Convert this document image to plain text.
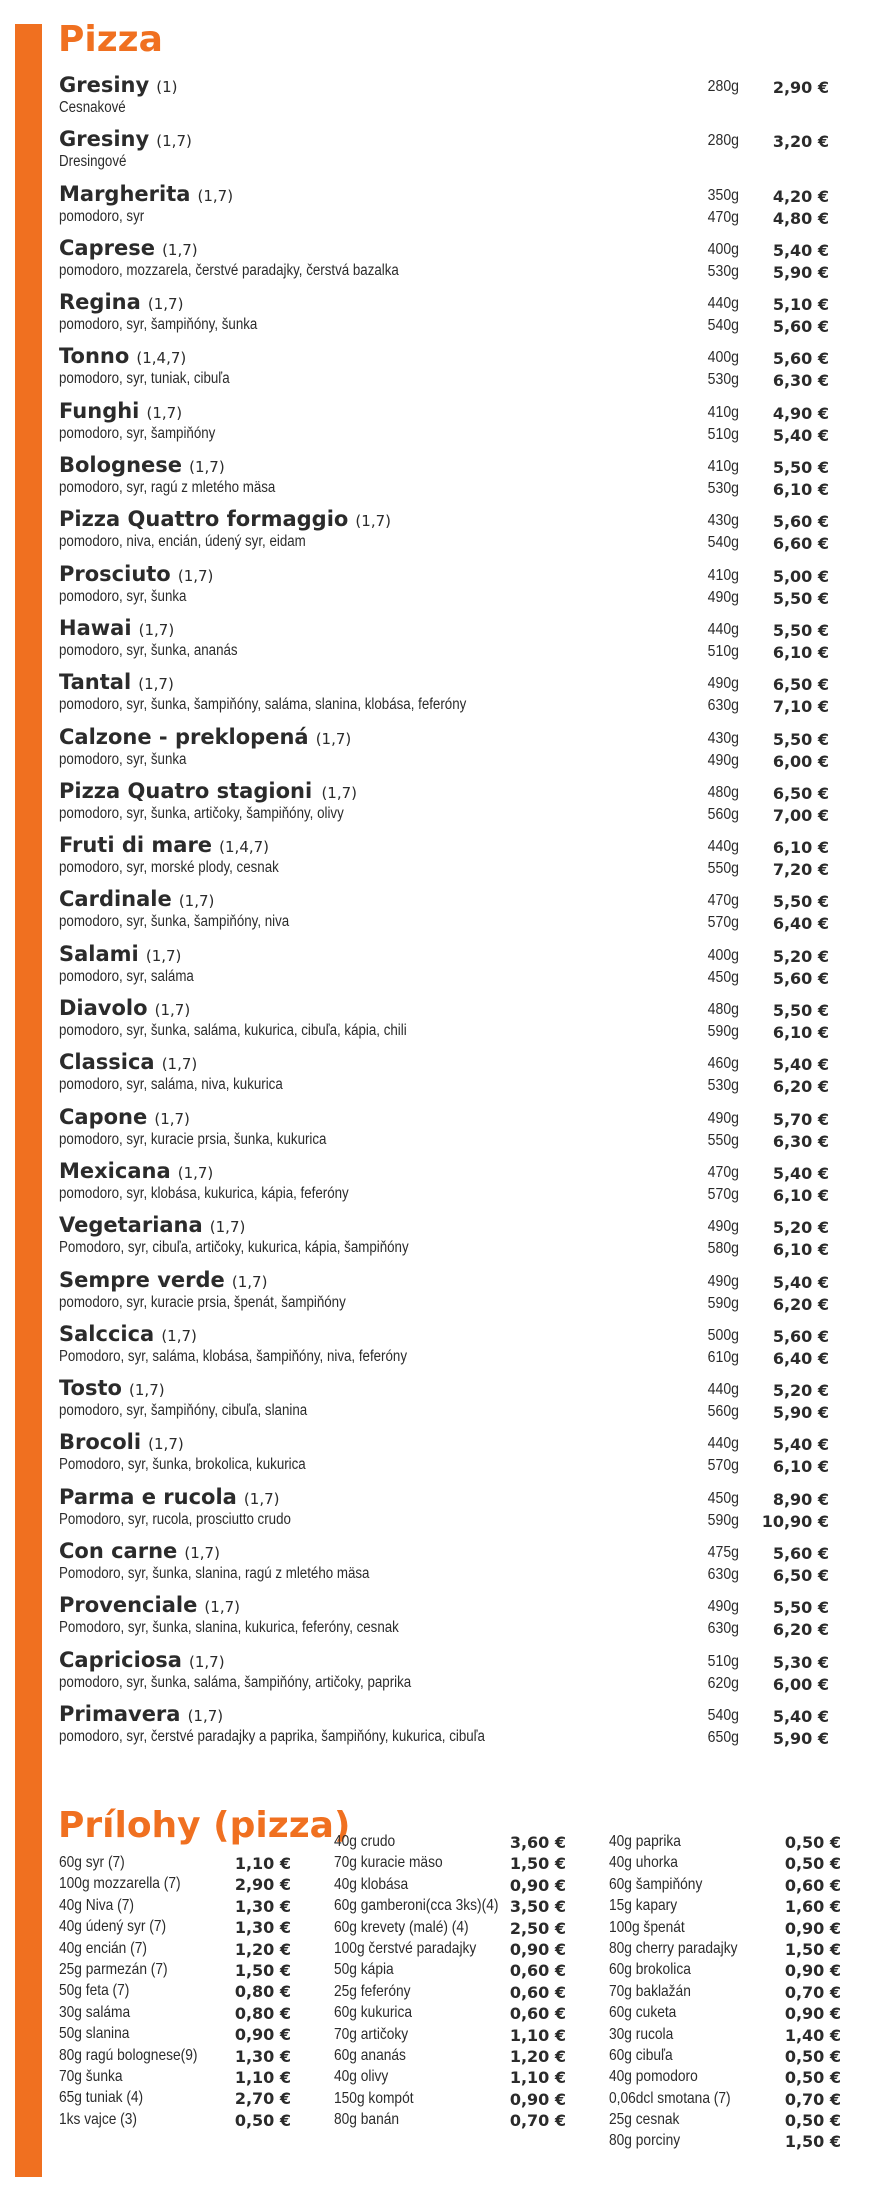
Pizza
Gresiny (1)
Cesnakové
280g 2,90 €
Gresiny (1,7)
Dresingové
280g 3,20 €
Margherita (1,7)
pomodoro, syr
350g 4,20 €
470g 4,80 €
Caprese (1,7)
pomodoro, mozzarela, čerstvé paradajky, čerstvá bazalka
400g 5,40 €
530g 5,90 €
Regina (1,7)
pomodoro, syr, šampiňóny, šunka
440g 5,10 €
540g 5,60 €
Tonno (1,4,7)
pomodoro, syr, tuniak, cibuľa
400g 5,60 €
530g 6,30 €
Funghi (1,7)
pomodoro, syr, šampiňóny
410g 4,90 €
510g 5,40 €
Bolognese (1,7)
pomodoro, syr, ragú z mletého mäsa
410g 5,50 €
530g 6,10 €
Pizza Quattro formaggio (1,7)
pomodoro, niva, encián, údený syr, eidam
430g 5,60 €
540g 6,60 €
Prosciuto (1,7)
pomodoro, syr, šunka
410g 5,00 €
490g 5,50 €
Hawai (1,7)
pomodoro, syr, šunka, ananás
440g 5,50 €
510g 6,10 €
Tantal (1,7)
pomodoro, syr, šunka, šampiňóny, saláma, slanina, klobása, feferóny
490g 6,50 €
630g 7,10 €
Calzone - preklopená (1,7)
pomodoro, syr, šunka
430g 5,50 €
490g 6,00 €
Pizza Quatro stagioni (1,7)
pomodoro, syr, šunka, artičoky, šampiňóny, olivy
480g 6,50 €
560g 7,00 €
Fruti di mare (1,4,7)
pomodoro, syr, morské plody, cesnak
440g 6,10 €
550g 7,20 €
Cardinale (1,7)
pomodoro, syr, šunka, šampiňóny, niva
470g 5,50 €
570g 6,40 €
Salami (1,7)
pomodoro, syr, saláma
400g 5,20 €
450g 5,60 €
Diavolo (1,7)
pomodoro, syr, šunka, saláma, kukurica, cibuľa, kápia, chili
480g 5,50 €
590g 6,10 €
Classica (1,7)
pomodoro, syr, saláma, niva, kukurica
460g 5,40 €
530g 6,20 €
Capone (1,7)
pomodoro, syr, kuracie prsia, šunka, kukurica
490g 5,70 €
550g 6,30 €
Mexicana (1,7)
pomodoro, syr, klobása, kukurica, kápia, feferóny
470g 5,40 €
570g 6,10 €
Vegetariana (1,7)
Pomodoro, syr, cibuľa, artičoky, kukurica, kápia, šampiňóny
490g 5,20 €
580g 6,10 €
Sempre verde (1,7)
pomodoro, syr, kuracie prsia, špenát, šampiňóny
490g 5,40 €
590g 6,20 €
Salccica (1,7)
Pomodoro, syr, saláma, klobása, šampiňóny, niva, feferóny
500g 5,60 €
610g 6,40 €
Tosto (1,7)
pomodoro, syr, šampiňóny, cibuľa, slanina
440g 5,20 €
560g 5,90 €
Brocoli (1,7)
Pomodoro, syr, šunka, brokolica, kukurica
440g 5,40 €
570g 6,10 €
Parma e rucola (1,7)
Pomodoro, syr, rucola, prosciutto crudo
450g 8,90 €
590g 10,90 €
Con carne (1,7)
Pomodoro, syr, šunka, slanina, ragú z mletého mäsa
475g 5,60 €
630g 6,50 €
Provenciale (1,7)
Pomodoro, syr, šunka, slanina, kukurica, feferóny, cesnak
490g 5,50 €
630g 6,20 €
Capriciosa (1,7)
pomodoro, syr, šunka, saláma, šampiňóny, artičoky, paprika
510g 5,30 €
620g 6,00 €
Primavera (1,7)
pomodoro, syr, čerstvé paradajky a paprika, šampiňóny, kukurica, cibuľa
540g 5,40 €
650g 5,90 €
Prílohy (pizza)
60g syr (7)	1,10 €
100g mozzarella (7)	2,90 €
40g Niva (7)	1,30 €
40g údený syr (7)	1,30 €
40g encián (7)	1,20 €
25g parmezán (7)	1,50 €
50g feta (7)	0,80 €
30g saláma	0,80 €
50g slanina	0,90 €
80g ragú bolognese(9) 1,30 €
70g šunka	1,10 €
65g tuniak (4)	2,70 €
1ks vajce (3)	0,50 €
40g crudo	3,60 €
70g kuracie mäso	1,50 €
40g klobása	0,90 €
60g gamberoni(cca 3ks)(4) 3,50 €
60g krevety (malé) (4)	2,50 €
100g čerstvé paradajky 0,90 €
50g kápia	0,60 €
25g feferóny	0,60 €
60g kukurica	0,60 €
70g artičoky	1,10 €
60g ananás	1,20 €
40g olivy	1,10 €
150g kompót	0,90 €
80g banán	0,70 €
40g paprika	0,50 €
40g uhorka	0,50 €
60g šampiňóny	0,60 €
15g kapary	1,60 €
100g špenát	0,90 €
80g cherry paradajky	1,50 €
60g brokolica	0,90 €
70g baklažán	0,70 €
60g cuketa	0,90 €
30g rucola	1,40 €
60g cibuľa	0,50 €
40g pomodoro	0,50 €
0,06dcl smotana (7)	0,70 €
25g cesnak	0,50 €
80g porciny	1,50 €
